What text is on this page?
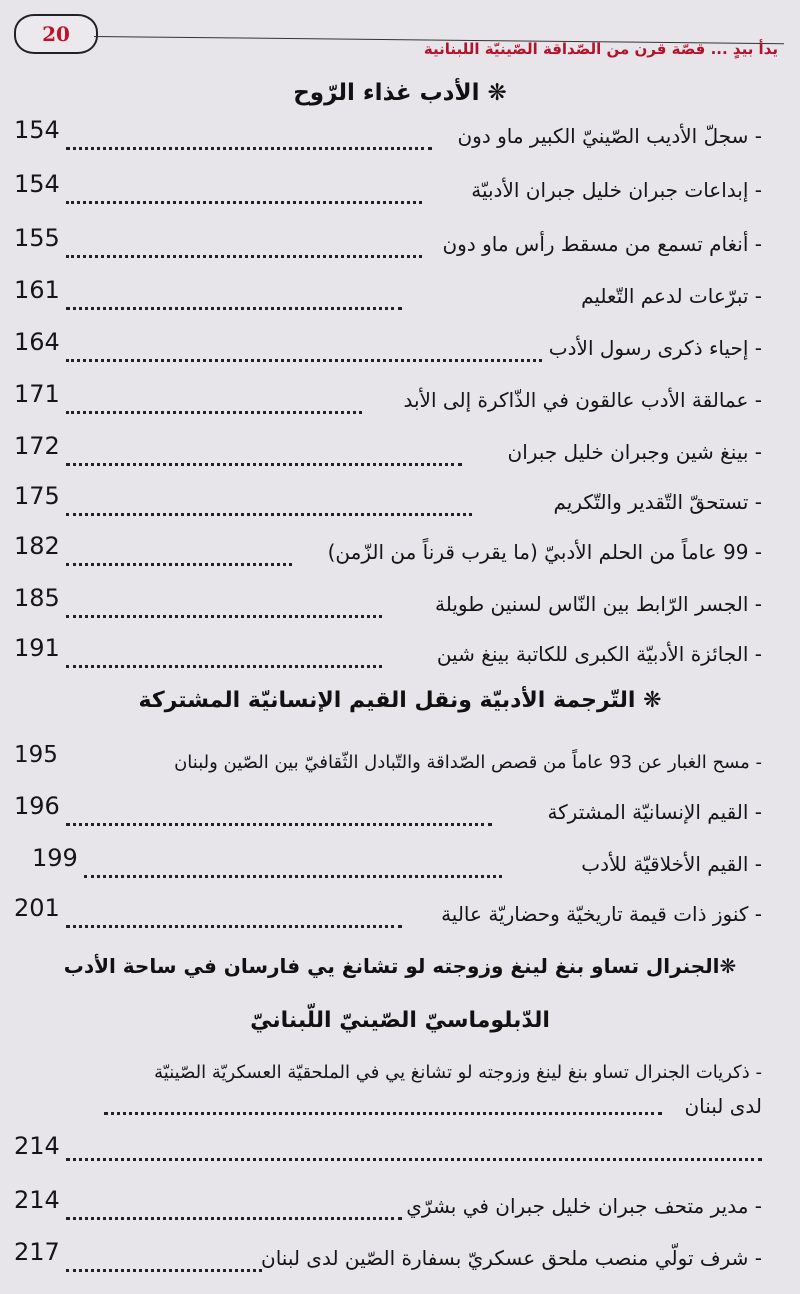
20
يدأ بيدٍ ... قصّة قرن من الصّداقة الصّينيّة اللبنانية
❋ الأدب غذاء الرّوح
154	- سجلّ الأديب الصّينيّ الكبير ماو دون
154	- إبداعات جبران خليل جبران الأدبيّة
155	- أنغام تسمع من مسقط رأس ماو دون
161	- تبرّعات لدعم التّعليم
164	- إحياء ذكرى رسول الأدب
171	- عمالقة الأدب عالقون في الذّاكرة إلى الأبد
172	- بينغ شين وجبران خليل جبران
175	- تستحقّ التّقدير والتّكريم
182	- 99 عاماً من الحلم الأدبيّ (ما يقرب قرناً من الزّمن)
185	- الجسر الرّابط بين النّاس لسنين طويلة
191	- الجائزة الأدبيّة الكبرى للكاتبة بينغ شين
❋ التّرجمة الأدبيّة ونقل القيم الإنسانيّة المشتركة
195	- مسح الغبار عن 93 عاماً من قصص الصّداقة والتّبادل الثّقافيّ بين الصّين ولبنان
196	- القيم الإنسانيّة المشتركة
199	- القيم الأخلاقيّة للأدب
201	- كنوز ذات قيمة تاريخيّة وحضاريّة عالية
❋الجنرال تساو بنغ لينغ وزوجته لو تشانغ يي فارسان في ساحة الأدب
الدّبلوماسيّ الصّينيّ اللّبنانيّ
- ذكريات الجنرال تساو بنغ لينغ وزوجته لو تشانغ يي في الملحقيّة العسكريّة الصّينيّة
لدى لبنان
214
214	- مدير متحف جبران خليل جبران في بشرّي
217	- شرف تولّي منصب ملحق عسكريّ بسفارة الصّين لدى لبنان
